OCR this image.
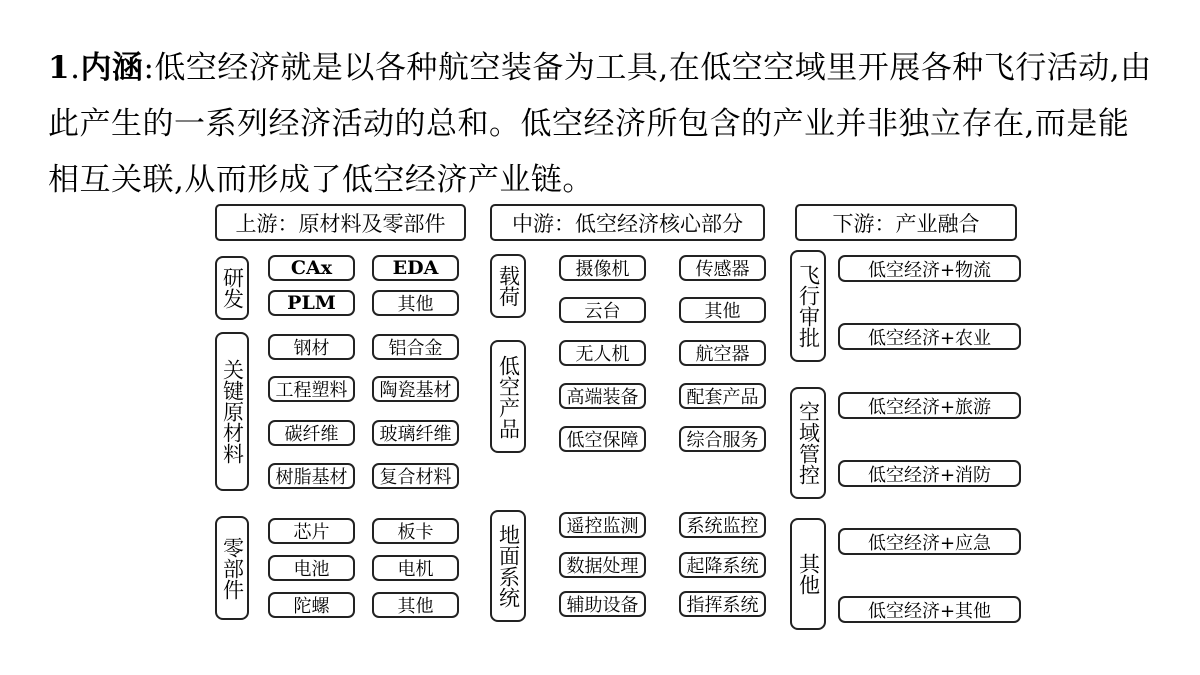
1.内涵:低空经济就是以各种航空装备为工具,在低空空域里开展各种飞行活动,由此产生的一系列经济活动的总和。低空经济所包含的产业并非独立存在,而是能相互关联,从而形成了低空经济产业链。
上游：原材料及零部件
研发	CAx	EDA
PLM	其他
关键原材料
钢材	铝合金
工程塑料	陶瓷基材
碳纤维	玻璃纤维
树脂基材	复合材料
零部件
芯片	板卡
电池	电机
陀螺	其他
中游：低空经济核心部分
载荷	摄像机	传感器
云台	其他
低空产品	无人机	航空器
高端装备	配套产品
低空保障	综合服务
地面系统	遥控监测	系统监控
数据处理	起降系统
辅助设备	指挥系统
下游：产业融合
飞行审批	低空经济+物流
低空经济+农业
空域管控	低空经济+旅游
低空经济+消防
其他
低空经济+应急
低空经济+其他
